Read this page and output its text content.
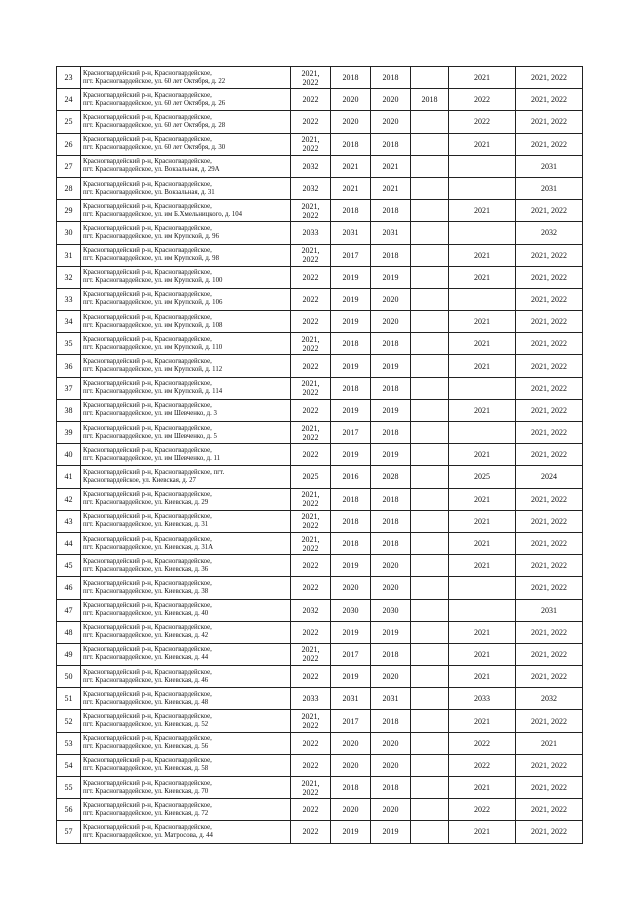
23	Красногвардейский р-н, Красногвардейское,
пгт. Красногвардейское, ул. 60 лет Октября, д. 22	2021,
2022	2018	2018		2021	2021, 2022
24	Красногвардейский р-н, Красногвардейское,
пгт. Красногвардейское, ул. 60 лет Октября, д. 26	2022	2020	2020	2018	2022	2021, 2022
25	Красногвардейский р-н, Красногвардейское,
пгт. Красногвардейское, ул. 60 лет Октября, д. 28	2022	2020	2020		2022	2021, 2022
26	Красногвардейский р-н, Красногвардейское,
пгт. Красногвардейское, ул. 60 лет Октября, д. 30	2021,
2022	2018	2018		2021	2021, 2022
27	Красногвардейский р-н, Красногвардейское,
пгт. Красногвардейское, ул. Вокзальная, д. 29А	2032	2021	2021			2031
28	Красногвардейский р-н, Красногвардейское,
пгт. Красногвардейское, ул. Вокзальная, д. 31	2032	2021	2021			2031
29	Красногвардейский р-н, Красногвардейское,
пгт. Красногвардейское, ул. им Б.Хмельницкого, д. 104	2021,
2022	2018	2018		2021	2021, 2022
30	Красногвардейский р-н, Красногвардейское,
пгт. Красногвардейское, ул. им Крупской, д. 96	2033	2031	2031			2032
31	Красногвардейский р-н, Красногвардейское,
пгт. Красногвардейское, ул. им Крупской, д. 98	2021,
2022	2017	2018		2021	2021, 2022
32	Красногвардейский р-н, Красногвардейское,
пгт. Красногвардейское, ул. им Крупской, д. 100	2022	2019	2019		2021	2021, 2022
33	Красногвардейский р-н, Красногвардейское,
пгт. Красногвардейское, ул. им Крупской, д. 106	2022	2019	2020			2021, 2022
34	Красногвардейский р-н, Красногвардейское,
пгт. Красногвардейское, ул. им Крупской, д. 108	2022	2019	2020		2021	2021, 2022
35	Красногвардейский р-н, Красногвардейское,
пгт. Красногвардейское, ул. им Крупской, д. 110	2021,
2022	2018	2018		2021	2021, 2022
36	Красногвардейский р-н, Красногвардейское,
пгт. Красногвардейское, ул. им Крупской, д. 112	2022	2019	2019		2021	2021, 2022
37	Красногвардейский р-н, Красногвардейское,
пгт. Красногвардейское, ул. им Крупской, д. 114	2021,
2022	2018	2018			2021, 2022
38	Красногвардейский р-н, Красногвардейское,
пгт. Красногвардейское, ул. им Шевченко, д. 3	2022	2019	2019		2021	2021, 2022
39	Красногвардейский р-н, Красногвардейское,
пгт. Красногвардейское, ул. им Шевченко, д. 5	2021,
2022	2017	2018			2021, 2022
40	Красногвардейский р-н, Красногвардейское,
пгт. Красногвардейское, ул. им Шевченко, д. 11	2022	2019	2019		2021	2021, 2022
41	Красногвардейский р-н, Красногвардейское, пгт.
Красногвардейское, ул. Киевская, д. 27	2025	2016	2028		2025	2024
42	Красногвардейский р-н, Красногвардейское,
пгт. Красногвардейское, ул. Киевская, д. 29	2021,
2022	2018	2018		2021	2021, 2022
43	Красногвардейский р-н, Красногвардейское,
пгт. Красногвардейское, ул. Киевская, д. 31	2021,
2022	2018	2018		2021	2021, 2022
44	Красногвардейский р-н, Красногвардейское,
пгт. Красногвардейское, ул. Киевская, д. 31А	2021,
2022	2018	2018		2021	2021, 2022
45	Красногвардейский р-н, Красногвардейское,
пгт. Красногвардейское, ул. Киевская, д. 36	2022	2019	2020		2021	2021, 2022
46	Красногвардейский р-н, Красногвардейское,
пгт. Красногвардейское, ул. Киевская, д. 38	2022	2020	2020			2021, 2022
47	Красногвардейский р-н, Красногвардейское,
пгт. Красногвардейское, ул. Киевская, д. 40	2032	2030	2030			2031
48	Красногвардейский р-н, Красногвардейское,
пгт. Красногвардейское, ул. Киевская, д. 42	2022	2019	2019		2021	2021, 2022
49	Красногвардейский р-н, Красногвардейское,
пгт. Красногвардейское, ул. Киевская, д. 44	2021,
2022	2017	2018		2021	2021, 2022
50	Красногвардейский р-н, Красногвардейское,
пгт. Красногвардейское, ул. Киевская, д. 46	2022	2019	2020		2021	2021, 2022
51	Красногвардейский р-н, Красногвардейское,
пгт. Красногвардейское, ул. Киевская, д. 48	2033	2031	2031		2033	2032
52	Красногвардейский р-н, Красногвардейское,
пгт. Красногвардейское, ул. Киевская, д. 52	2021,
2022	2017	2018		2021	2021, 2022
53	Красногвардейский р-н, Красногвардейское,
пгт. Красногвардейское, ул. Киевская, д. 56	2022	2020	2020		2022	2021
54	Красногвардейский р-н, Красногвардейское,
пгт. Красногвардейское, ул. Киевская, д. 58	2022	2020	2020		2022	2021, 2022
55	Красногвардейский р-н, Красногвардейское,
пгт. Красногвардейское, ул. Киевская, д. 70	2021,
2022	2018	2018		2021	2021, 2022
56	Красногвардейский р-н, Красногвардейское,
пгт. Красногвардейское, ул. Киевская, д. 72	2022	2020	2020		2022	2021, 2022
57	Красногвардейский р-н, Красногвардейское,
пгт. Красногвардейское, ул. Матросова, д. 44	2022	2019	2019		2021	2021, 2022
